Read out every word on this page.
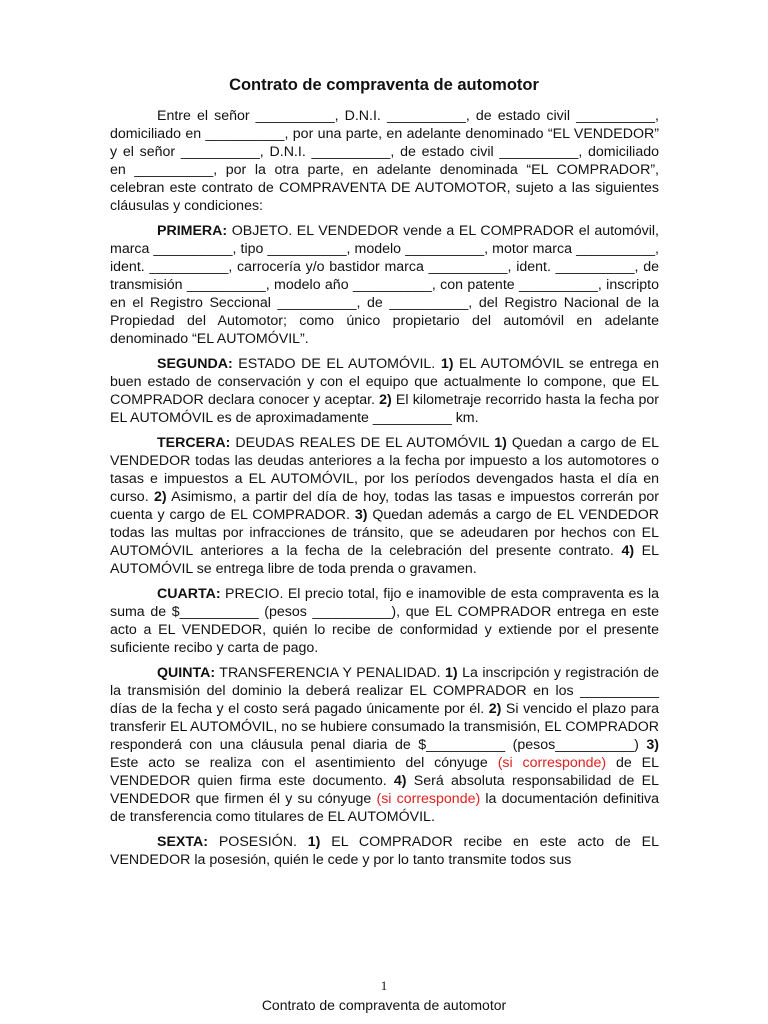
Contrato de compraventa de automotor

Entre el señor __________, D.N.I. __________, de estado civil __________, domiciliado en __________, por una parte, en adelante denominado “EL VENDEDOR” y el señor __________, D.N.I. __________, de estado civil __________, domiciliado en __________, por la otra parte, en adelante denominada “EL COMPRADOR”, celebran este contrato de COMPRAVENTA DE AUTOMOTOR, sujeto a las siguientes cláusulas y condiciones:

PRIMERA: OBJETO. EL VENDEDOR vende a EL COMPRADOR el automóvil, marca __________, tipo __________, modelo __________, motor marca __________, ident. __________, carrocería y/o bastidor marca __________, ident. __________, de transmisión __________, modelo año __________, con patente __________, inscripto en el Registro Seccional __________, de __________, del Registro Nacional de la Propiedad del Automotor; como único propietario del automóvil en adelante denominado “EL AUTOMÓVIL”.

SEGUNDA: ESTADO DE EL AUTOMÓVIL. 1) EL AUTOMÓVIL se entrega en buen estado de conservación y con el equipo que actualmente lo compone, que EL COMPRADOR declara conocer y aceptar. 2) El kilometraje recorrido hasta la fecha por EL AUTOMÓVIL es de aproximadamente __________ km.

TERCERA: DEUDAS REALES DE EL AUTOMÓVIL 1) Quedan a cargo de EL VENDEDOR todas las deudas anteriores a la fecha por impuesto a los automotores o tasas e impuestos a EL AUTOMÓVIL, por los períodos devengados hasta el día en curso. 2) Asimismo, a partir del día de hoy, todas las tasas e impuestos correrán por cuenta y cargo de EL COMPRADOR. 3) Quedan además a cargo de EL VENDEDOR todas las multas por infracciones de tránsito, que se adeudaren por hechos con EL AUTOMÓVIL anteriores a la fecha de la celebración del presente contrato. 4) EL AUTOMÓVIL se entrega libre de toda prenda o gravamen.

CUARTA: PRECIO. El precio total, fijo e inamovible de esta compraventa es la suma de $__________ (pesos __________), que EL COMPRADOR entrega en este acto a EL VENDEDOR, quién lo recibe de conformidad y extiende por el presente suficiente recibo y carta de pago.

QUINTA: TRANSFERENCIA Y PENALIDAD. 1) La inscripción y registración de la transmisión del dominio la deberá realizar EL COMPRADOR en los __________ días de la fecha y el costo será pagado únicamente por él. 2) Si vencido el plazo para transferir EL AUTOMÓVIL, no se hubiere consumado la transmisión, EL COMPRADOR responderá con una cláusula penal diaria de $__________ (pesos__________) 3) Este acto se realiza con el asentimiento del cónyuge (si corresponde) de EL VENDEDOR quien firma este documento. 4) Será absoluta responsabilidad de EL VENDEDOR que firmen él y su cónyuge (si corresponde) la documentación definitiva de transferencia como titulares de EL AUTOMÓVIL.

SEXTA: POSESIÓN. 1) EL COMPRADOR recibe en este acto de EL VENDEDOR la posesión, quién le cede y por lo tanto transmite todos sus

1
Contrato de compraventa de automotor
